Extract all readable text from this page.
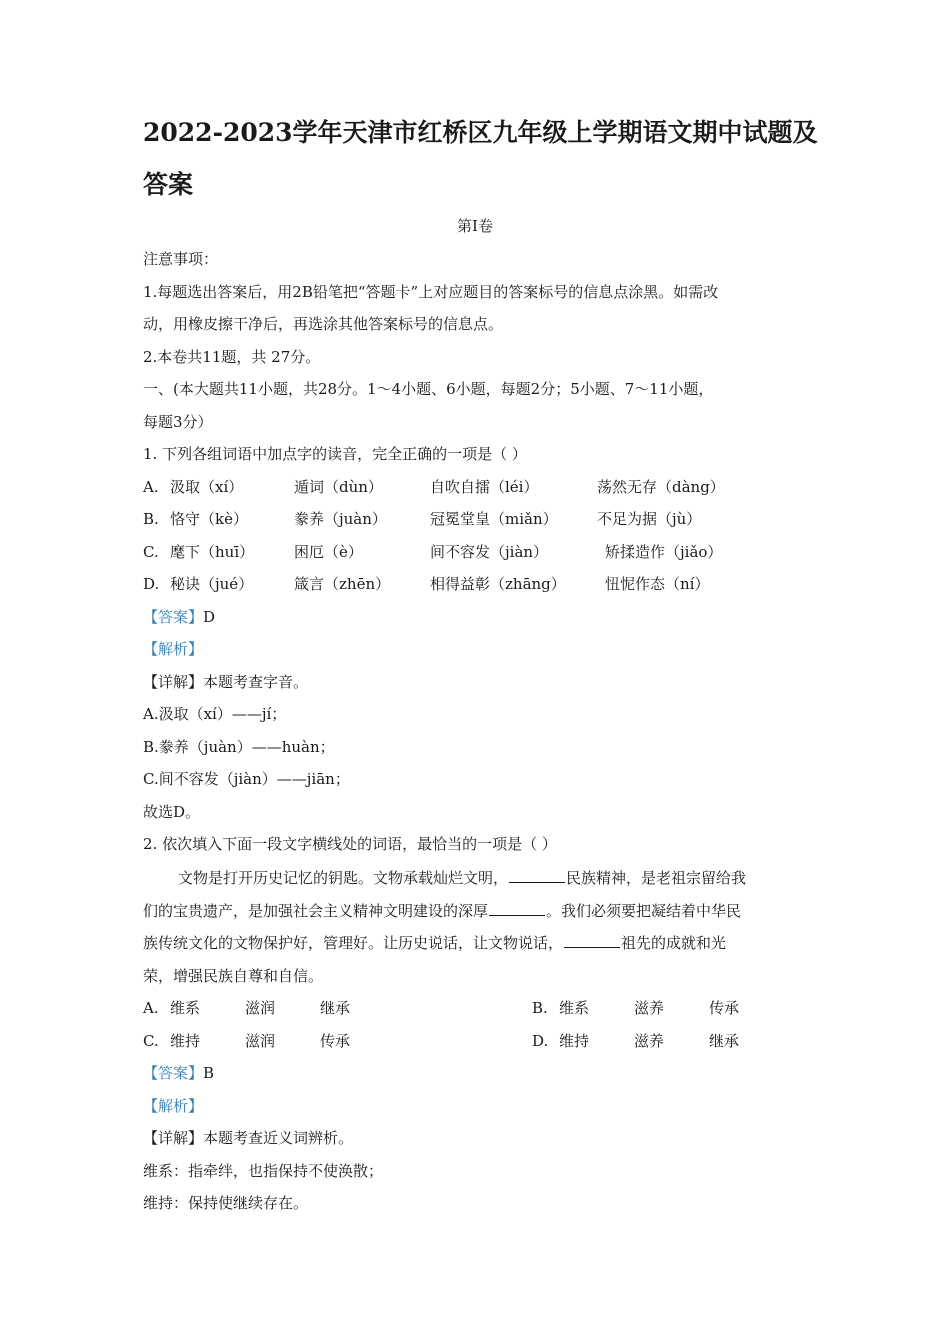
2022-2023学年天津市红桥区九年级上学期语文期中试题及
答案
第Ⅰ卷
注意事项：
1.每题选出答案后，用2B铅笔把“答题卡”上对应题目的答案标号的信息点涂黑。如需改
动，用橡皮擦干净后，再选涂其他答案标号的信息点。
2.本卷共11题，共 27分。
一、(本大题共11小题，共28分。1～4小题、6小题，每题2分；5小题、7～11小题，
每题3分）
1. 下列各组词语中加点字的读音，完全正确的一项是（ ）
A. 汲取（xí）	遁词（dùn）	自吹自擂（léi）	荡然无存（dàng）
B. 恪守（kè）	豢养（juàn）	冠冕堂皇（miǎn）	不足为据（jù）
C. 麾下（huī）	困厄（è）	间不容发（jiàn）	矫揉造作（jiǎo）
D. 秘诀（jué）	箴言（zhēn）	相得益彰（zhāng）	忸怩作态（ní）
【答案】D
【解析】
【详解】本题考查字音。
A.汲取（xí）——jí；
B.豢养（juàn）——huàn；
C.间不容发（jiàn）——jiān；
故选D。
2. 依次填入下面一段文字横线处的词语，最恰当的一项是（ ）
文物是打开历史记忆的钥匙。文物承载灿烂文明，	民族精神，是老祖宗留给我
们的宝贵遗产，是加强社会主义精神文明建设的深厚	。我们必须要把凝结着中华民
族传统文化的文物保护好，管理好。让历史说话，让文物说话，	祖先的成就和光
荣，增强民族自尊和自信。
A. 维系	滋润	继承	B. 维系	滋养	传承
C. 维持	滋润	传承	D. 维持	滋养	继承
【答案】B
【解析】
【详解】本题考查近义词辨析。
维系：指牵绊，也指保持不使涣散；
维持：保持使继续存在。
